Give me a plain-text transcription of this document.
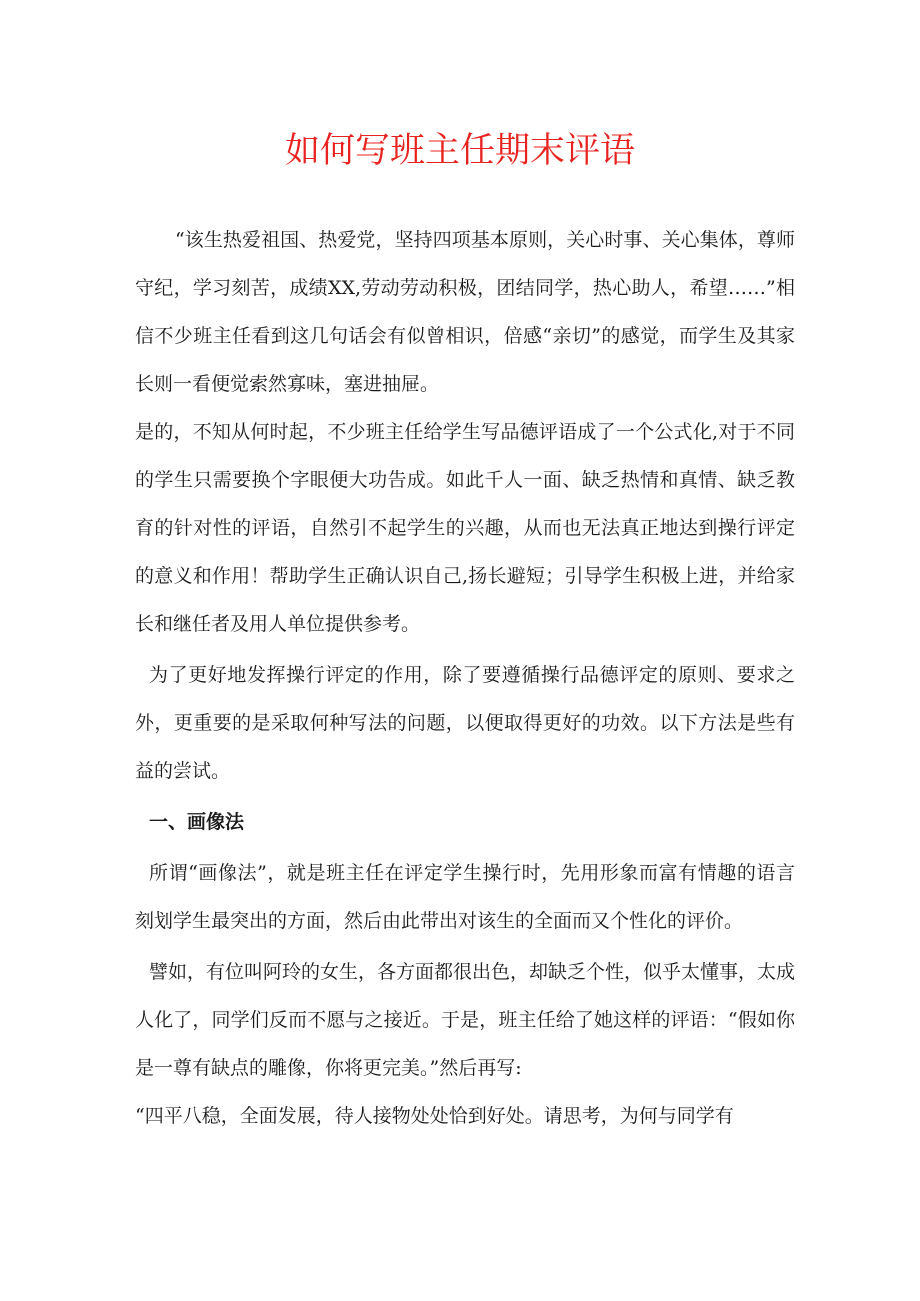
如何写班主任期末评语

“该生热爱祖国、热爱党，坚持四项基本原则，关心时事、关心集体，尊师守纪，学习刻苦，成绩XX,劳动劳动积极，团结同学，热心助人，希望……”相信不少班主任看到这几句话会有似曾相识，倍感“亲切”的感觉，而学生及其家长则一看便觉索然寡味，塞进抽屉。

是的，不知从何时起，不少班主任给学生写品德评语成了一个公式化,对于不同的学生只需要换个字眼便大功告成。如此千人一面、缺乏热情和真情、缺乏教育的针对性的评语，自然引不起学生的兴趣，从而也无法真正地达到操行评定的意义和作用！帮助学生正确认识自己,扬长避短；引导学生积极上进，并给家长和继任者及用人单位提供参考。

为了更好地发挥操行评定的作用，除了要遵循操行品德评定的原则、要求之外，更重要的是采取何种写法的问题，以便取得更好的功效。以下方法是些有益的尝试。

一、画像法

所谓“画像法”，就是班主任在评定学生操行时，先用形象而富有情趣的语言刻划学生最突出的方面，然后由此带出对该生的全面而又个性化的评价。

譬如，有位叫阿玲的女生，各方面都很出色，却缺乏个性，似乎太懂事，太成人化了，同学们反而不愿与之接近。于是，班主任给了她这样的评语：“假如你是一尊有缺点的雕像，你将更完美。”然后再写:

“四平八稳，全面发展，待人接物处处恰到好处。请思考，为何与同学有
